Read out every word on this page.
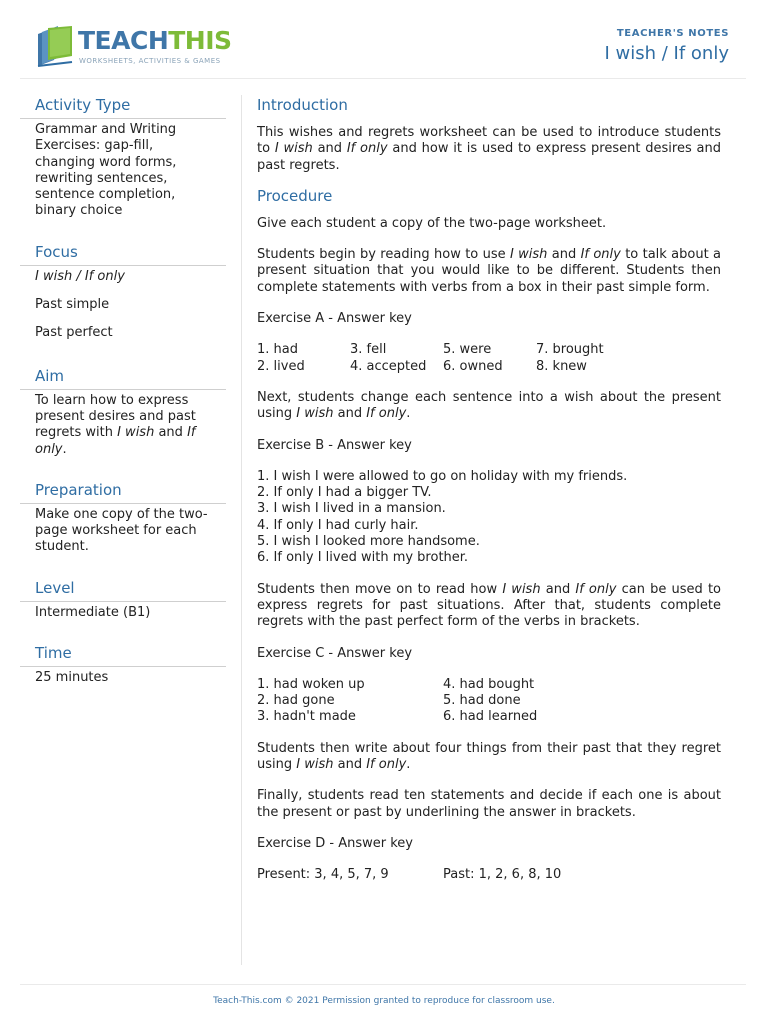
TEACHTHIS
WORKSHEETS, ACTIVITIES & GAMES
TEACHER'S NOTES
I wish / If only
Activity Type

Grammar and Writing Exercises: gap-fill, changing word forms, rewriting sentences, sentence completion, binary choice

Focus

I wish / If only

Past simple

Past perfect

Aim

To learn how to express present desires and past regrets with I wish and If only.

Preparation

Make one copy of the two-page worksheet for each student.

Level

Intermediate (B1)

Time

25 minutes

Introduction

This wishes and regrets worksheet can be used to introduce students to I wish and If only and how it is used to express present desires and past regrets.

Procedure

Give each student a copy of the two-page worksheet.

Students begin by reading how to use I wish and If only to talk about a present situation that you would like to be different. Students then complete statements with verbs from a box in their past simple form.

Exercise A - Answer key

1. had	3. fell	5. were	7. brought
2. lived	4. accepted	6. owned	8. knew

Next, students change each sentence into a wish about the present using I wish and If only.

Exercise B - Answer key

1. I wish I were allowed to go on holiday with my friends.
2. If only I had a bigger TV.
3. I wish I lived in a mansion.
4. If only I had curly hair.
5. I wish I looked more handsome.
6. If only I lived with my brother.

Students then move on to read how I wish and If only can be used to express regrets for past situations. After that, students complete regrets with the past perfect form of the verbs in brackets.

Exercise C - Answer key

1. had woken up	4. had bought
2. had gone	5. had done
3. hadn't made	6. had learned

Students then write about four things from their past that they regret using I wish and If only.

Finally, students read ten statements and decide if each one is about the present or past by underlining the answer in brackets.

Exercise D - Answer key

Present: 3, 4, 5, 7, 9	Past: 1, 2, 6, 8, 10
Teach-This.com © 2021 Permission granted to reproduce for classroom use.
